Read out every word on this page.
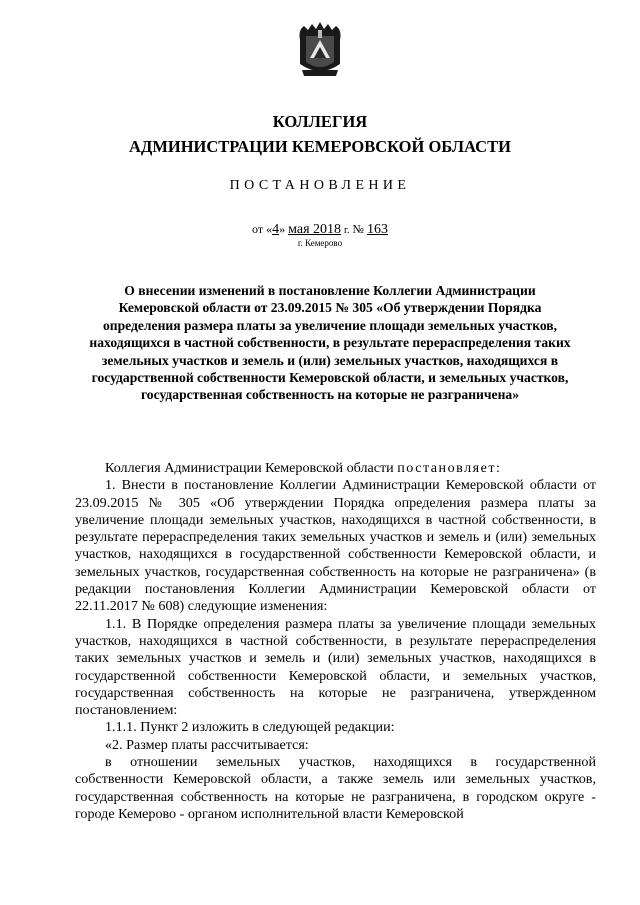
КОЛЛЕГИЯ
АДМИНИСТРАЦИИ КЕМЕРОВСКОЙ ОБЛАСТИ
ПОСТАНОВЛЕНИЕ
от «4» мая 2018 г. № 163
г. Кемерово
О внесении изменений в постановление Коллегии Администрации Кемеровской области от 23.09.2015 № 305 «Об утверждении Порядка определения размера платы за увеличение площади земельных участков, находящихся в частной собственности, в результате перераспределения таких земельных участков и земель и (или) земельных участков, находящихся в государственной собственности Кемеровской области, и земельных участков, государственная собственность на которые не разграничена»

Коллегия Администрации Кемеровской области постановляет:

1. Внести в постановление Коллегии Администрации Кемеровской области от 23.09.2015 № 305 «Об утверждении Порядка определения размера платы за увеличение площади земельных участков, находящихся в частной собственности, в результате перераспределения таких земельных участков и земель и (или) земельных участков, находящихся в государственной собственности Кемеровской области, и земельных участков, государственная собственность на которые не разграничена» (в редакции постановления Коллегии Администрации Кемеровской области от 22.11.2017 № 608) следующие изменения:

1.1. В Порядке определения размера платы за увеличение площади земельных участков, находящихся в частной собственности, в результате перераспределения таких земельных участков и земель и (или) земельных участков, находящихся в государственной собственности Кемеровской области, и земельных участков, государственная собственность на которые не разграничена, утвержденном постановлением:

1.1.1. Пункт 2 изложить в следующей редакции:

«2. Размер платы рассчитывается:

в отношении земельных участков, находящихся в государственной собственности Кемеровской области, а также земель или земельных участков, государственная собственность на которые не разграничена, в городском округе - городе Кемерово - органом исполнительной власти Кемеровской
